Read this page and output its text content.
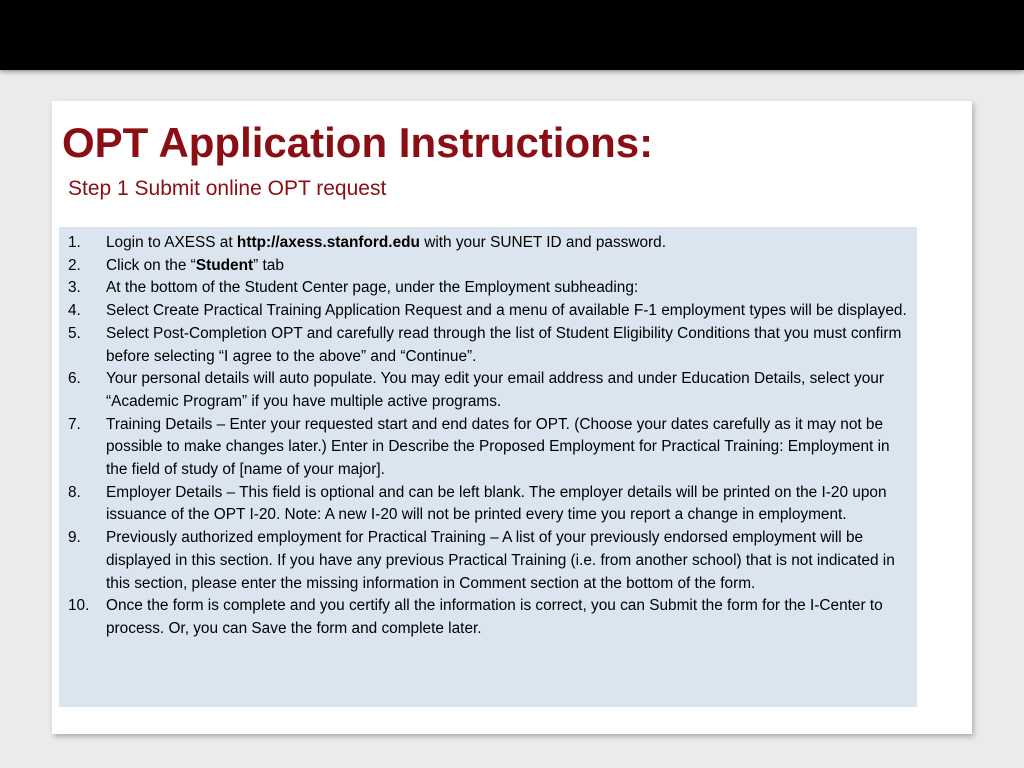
OPT Application Instructions:

Step 1 Submit online OPT request

1. Login to AXESS at http://axess.stanford.edu with your SUNET ID and password.
2. Click on the “Student” tab
3. At the bottom of the Student Center page, under the Employment subheading:
4. Select Create Practical Training Application Request and a menu of available F-1 employment types will be displayed.
5. Select Post-Completion OPT and carefully read through the list of Student Eligibility Conditions that you must confirm before selecting “I agree to the above” and “Continue”.
6. Your personal details will auto populate. You may edit your email address and under Education Details, select your “Academic Program” if you have multiple active programs.
7. Training Details – Enter your requested start and end dates for OPT. (Choose your dates carefully as it may not be possible to make changes later.) Enter in Describe the Proposed Employment for Practical Training: Employment in the field of study of [name of your major].
8. Employer Details – This field is optional and can be left blank. The employer details will be printed on the I-20 upon issuance of the OPT I-20. Note: A new I-20 will not be printed every time you report a change in employment.
9. Previously authorized employment for Practical Training – A list of your previously endorsed employment will be displayed in this section. If you have any previous Practical Training (i.e. from another school) that is not indicated in this section, please enter the missing information in Comment section at the bottom of the form.
10. Once the form is complete and you certify all the information is correct, you can Submit the form for the I-Center to process. Or, you can Save the form and complete later.
